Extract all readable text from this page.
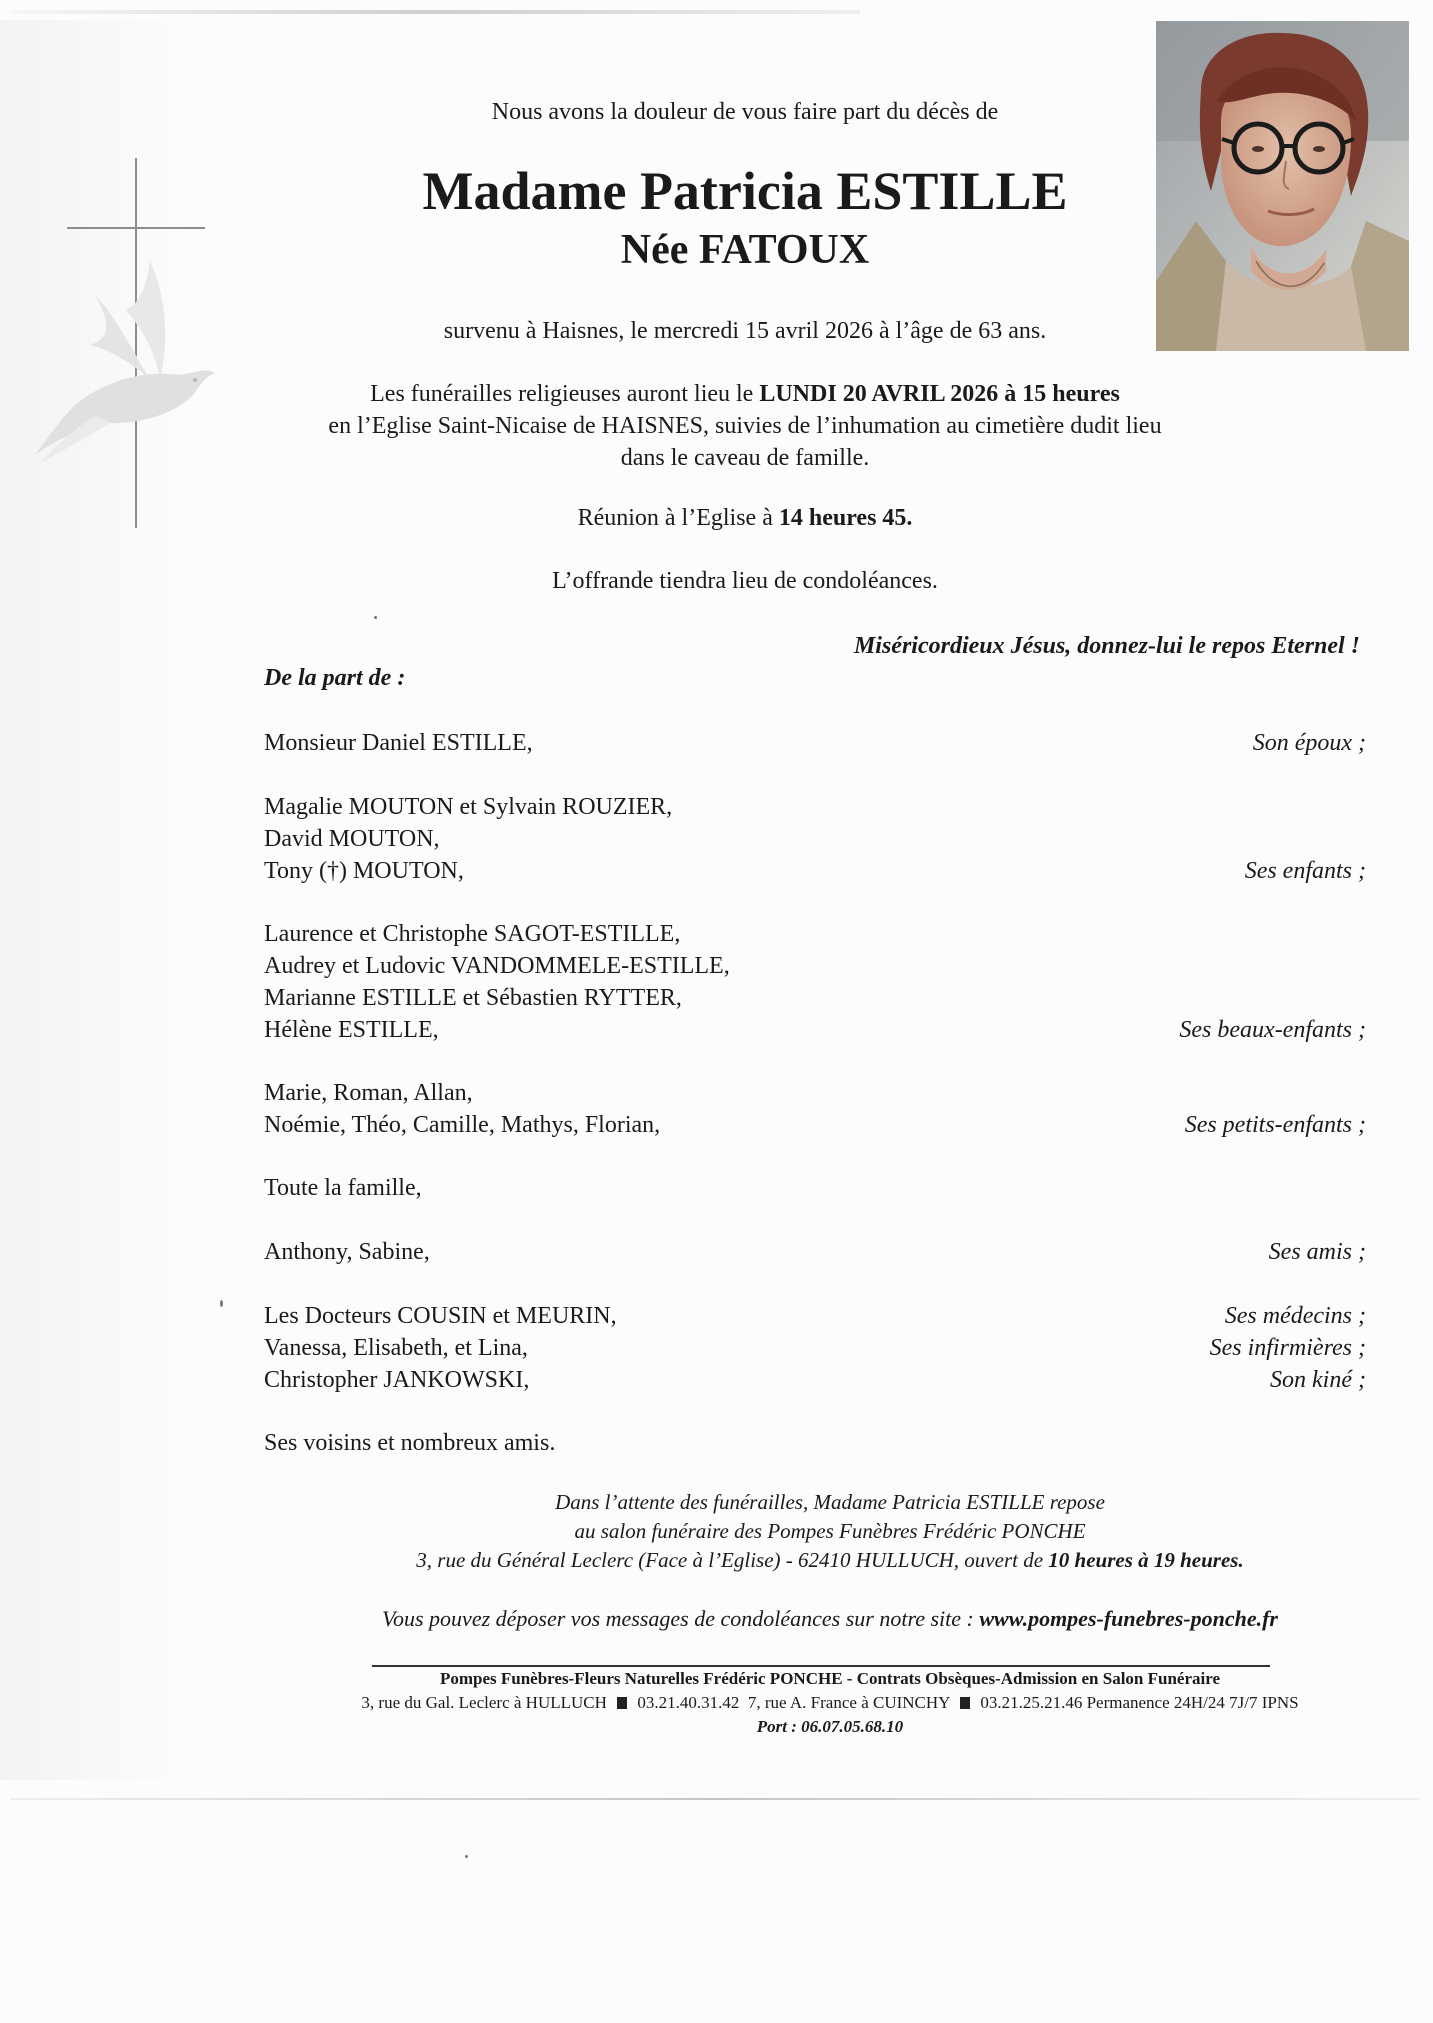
Nous avons la douleur de vous faire part du décès de
Madame Patricia ESTILLE
Née FATOUX
survenu à Haisnes, le mercredi 15 avril 2026 à l’âge de 63 ans.
Les funérailles religieuses auront lieu le LUNDI 20 AVRIL 2026 à 15 heures
en l’Eglise Saint-Nicaise de HAISNES, suivies de l’inhumation au cimetière dudit lieu
dans le caveau de famille.
Réunion à l’Eglise à 14 heures 45.
L’offrande tiendra lieu de condoléances.
Miséricordieux Jésus, donnez-lui le repos Eternel !
De la part de :
Monsieur Daniel ESTILLE,	Son époux ;
Magalie MOUTON et Sylvain ROUZIER,
David MOUTON,
Tony (†) MOUTON,	Ses enfants ;
Laurence et Christophe SAGOT-ESTILLE,
Audrey et Ludovic VANDOMMELE-ESTILLE,
Marianne ESTILLE et Sébastien RYTTER,
Hélène ESTILLE,	Ses beaux-enfants ;
Marie, Roman, Allan,
Noémie, Théo, Camille, Mathys, Florian,	Ses petits-enfants ;
Toute la famille,
Anthony, Sabine,	Ses amis ;
Les Docteurs COUSIN et MEURIN,	Ses médecins ;
Vanessa, Elisabeth, et Lina,	Ses infirmières ;
Christopher JANKOWSKI,	Son kiné ;
Ses voisins et nombreux amis.
Dans l’attente des funérailles, Madame Patricia ESTILLE repose
au salon funéraire des Pompes Funèbres Frédéric PONCHE
3, rue du Général Leclerc (Face à l’Eglise) - 62410 HULLUCH, ouvert de 10 heures à 19 heures.
Vous pouvez déposer vos messages de condoléances sur notre site : www.pompes-funebres-ponche.fr
Pompes Funèbres-Fleurs Naturelles Frédéric PONCHE - Contrats Obsèques-Admission en Salon Funéraire
3, rue du Gal. Leclerc à HULLUCH 03.21.40.31.42 7, rue A. France à CUINCHY 03.21.25.21.46 Permanence 24H/24 7J/7 IPNS
Port : 06.07.05.68.10
